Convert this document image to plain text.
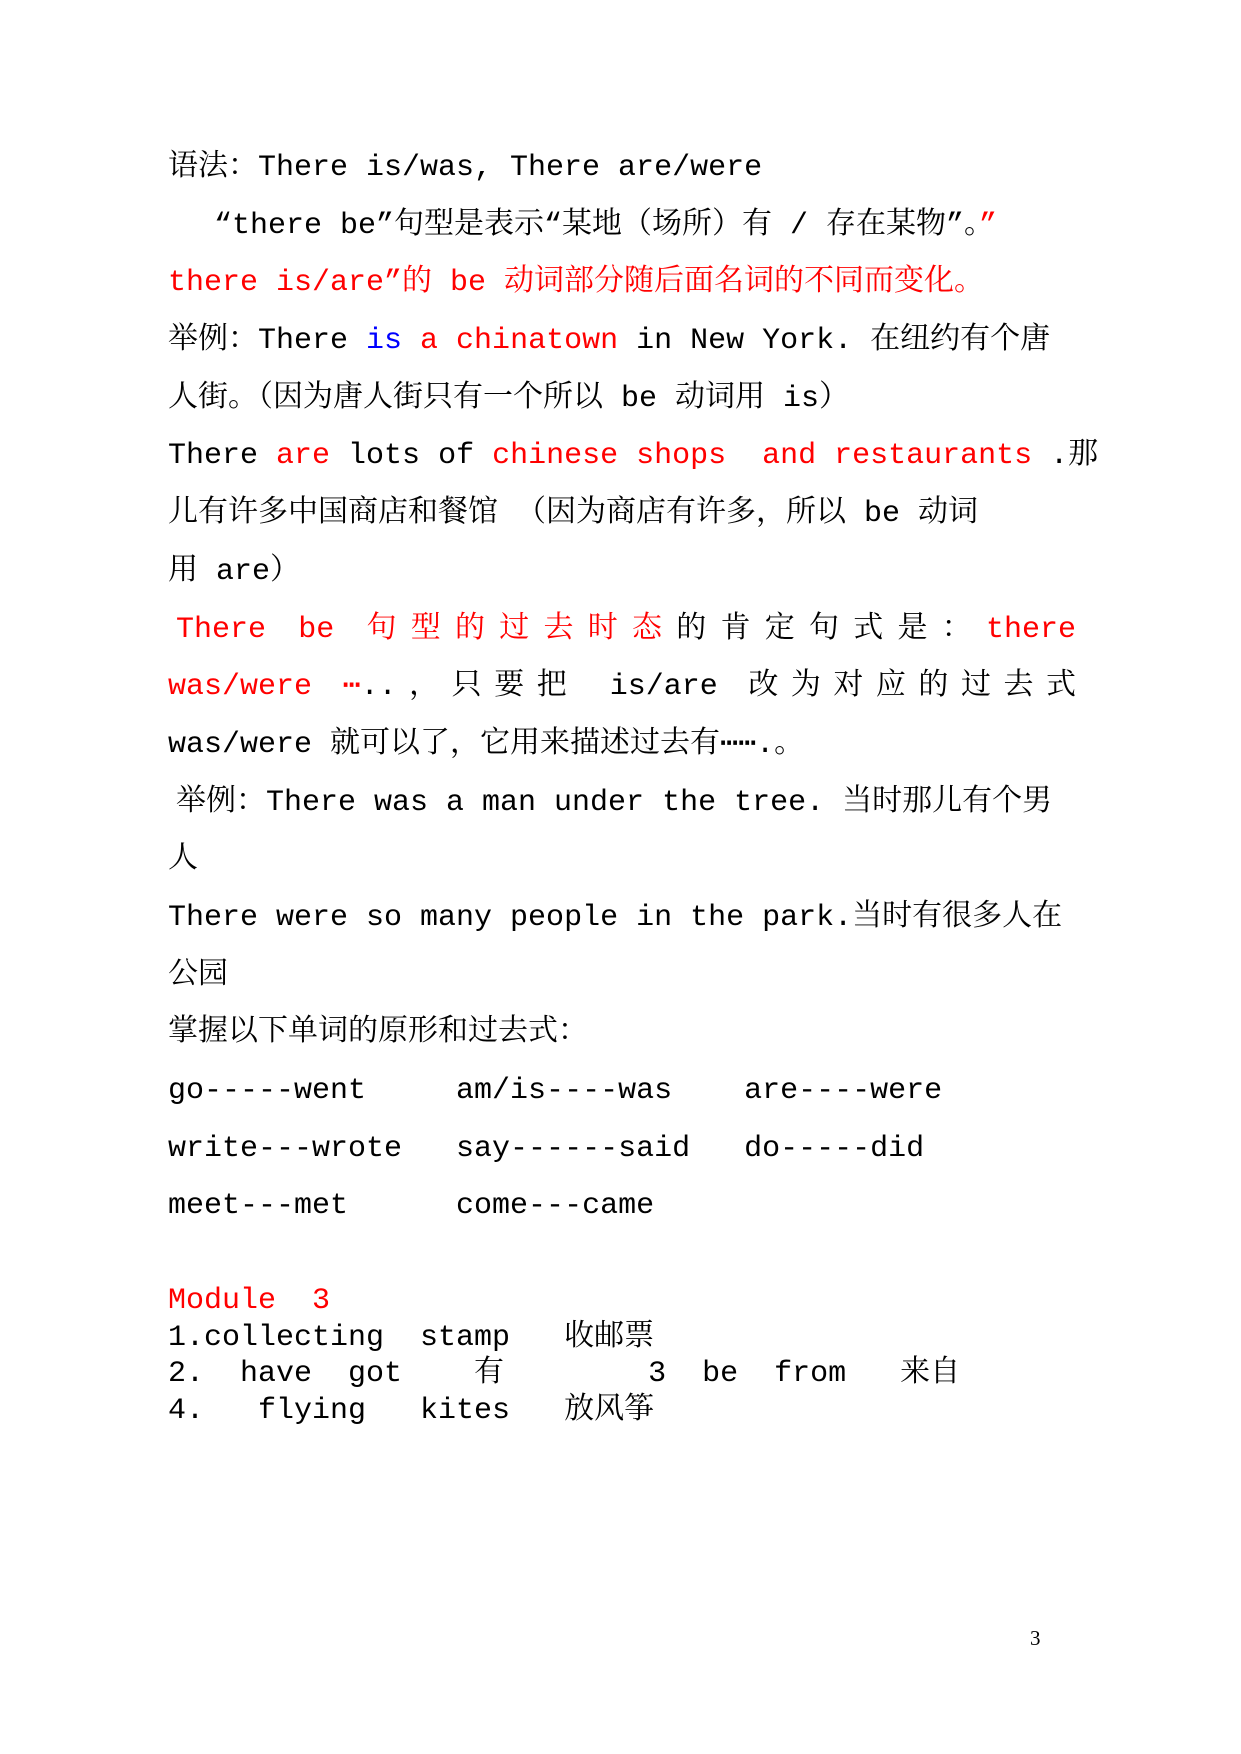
语法：There is/was, There are/were
“there be”句型是表示“某地（场所）有 / 存在某物”。”
there is/are”的 be 动词部分随后面名词的不同而变化。
举例：There is a chinatown in New York. 在纽约有个唐
人街。（因为唐人街只有一个所以 be 动词用 is）
There are lots of chinese shops  and restaurants .那
儿有许多中国商店和餐馆 （因为商店有许多，所以 be 动词
用 are）
There be 句型的过去时态的肯定句式是：there
was/were ⋯..，只要把 is/are 改为对应的过去式
was/were 就可以了，它用来描述过去有⋯⋯.。
举例：There was a man under the tree. 当时那儿有个男
人
There were so many people in the park.当时有很多人在
公园
掌握以下单词的原形和过去式：
go-----went     am/is----was    are----were
write---wrote   say------said   do-----did
meet---met      come---came
Module  3
1.collecting  stamp   收邮票
2.  have  got    有        3  be  from   来自
4.   flying   kites   放风筝
3
